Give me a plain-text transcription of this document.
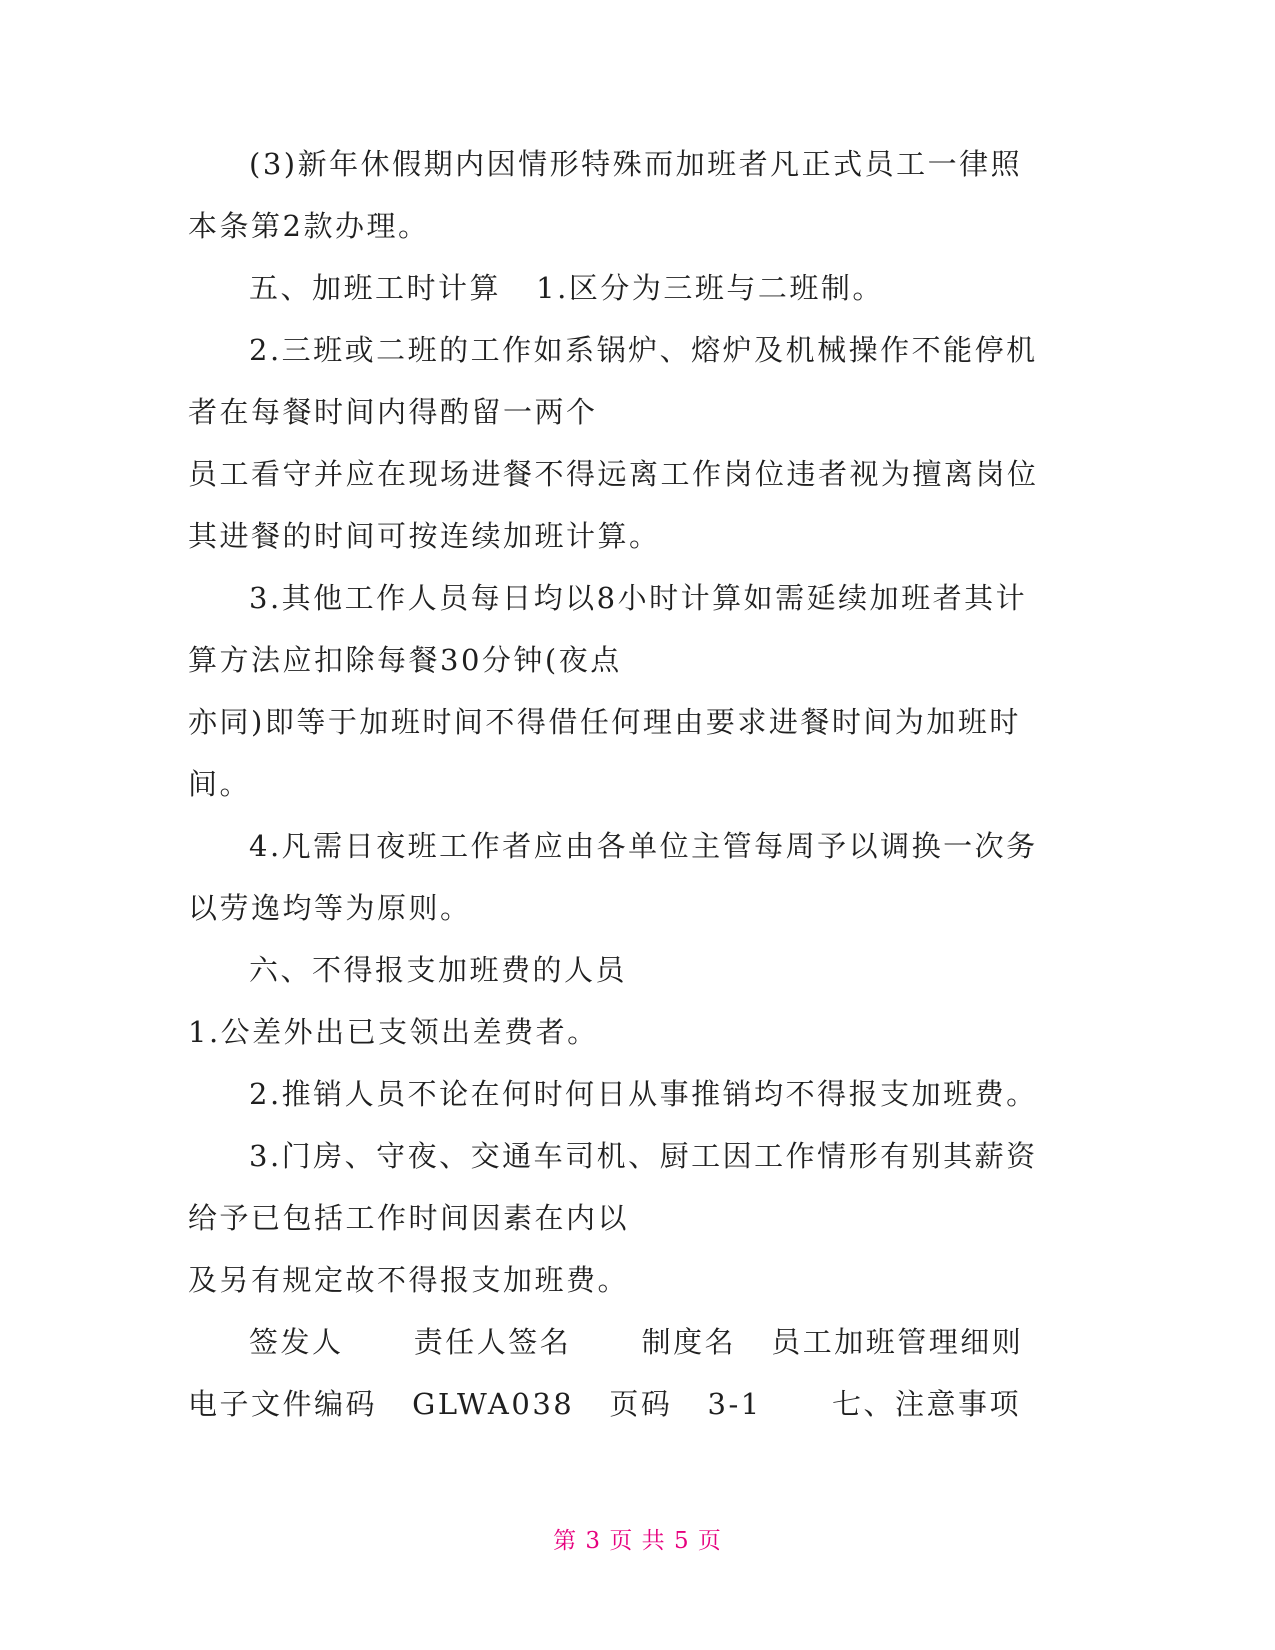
(3)新年休假期内因情形特殊而加班者凡正式员工一律照

本条第2款办理。

五、加班工时计算   1.区分为三班与二班制。

2.三班或二班的工作如系锅炉、熔炉及机械操作不能停机

者在每餐时间内得酌留一两个

员工看守并应在现场进餐不得远离工作岗位违者视为擅离岗位

其进餐的时间可按连续加班计算。

3.其他工作人员每日均以8小时计算如需延续加班者其计

算方法应扣除每餐30分钟(夜点

亦同)即等于加班时间不得借任何理由要求进餐时间为加班时

间。

4.凡需日夜班工作者应由各单位主管每周予以调换一次务

以劳逸均等为原则。

六、不得报支加班费的人员

1.公差外出已支领出差费者。

2.推销人员不论在何时何日从事推销均不得报支加班费。

3.门房、守夜、交通车司机、厨工因工作情形有别其薪资

给予已包括工作时间因素在内以

及另有规定故不得报支加班费。

签发人      责任人签名      制度名   员工加班管理细则

电子文件编码   GLWA038   页码   3-1      七、注意事项

第 3 页 共 5 页
